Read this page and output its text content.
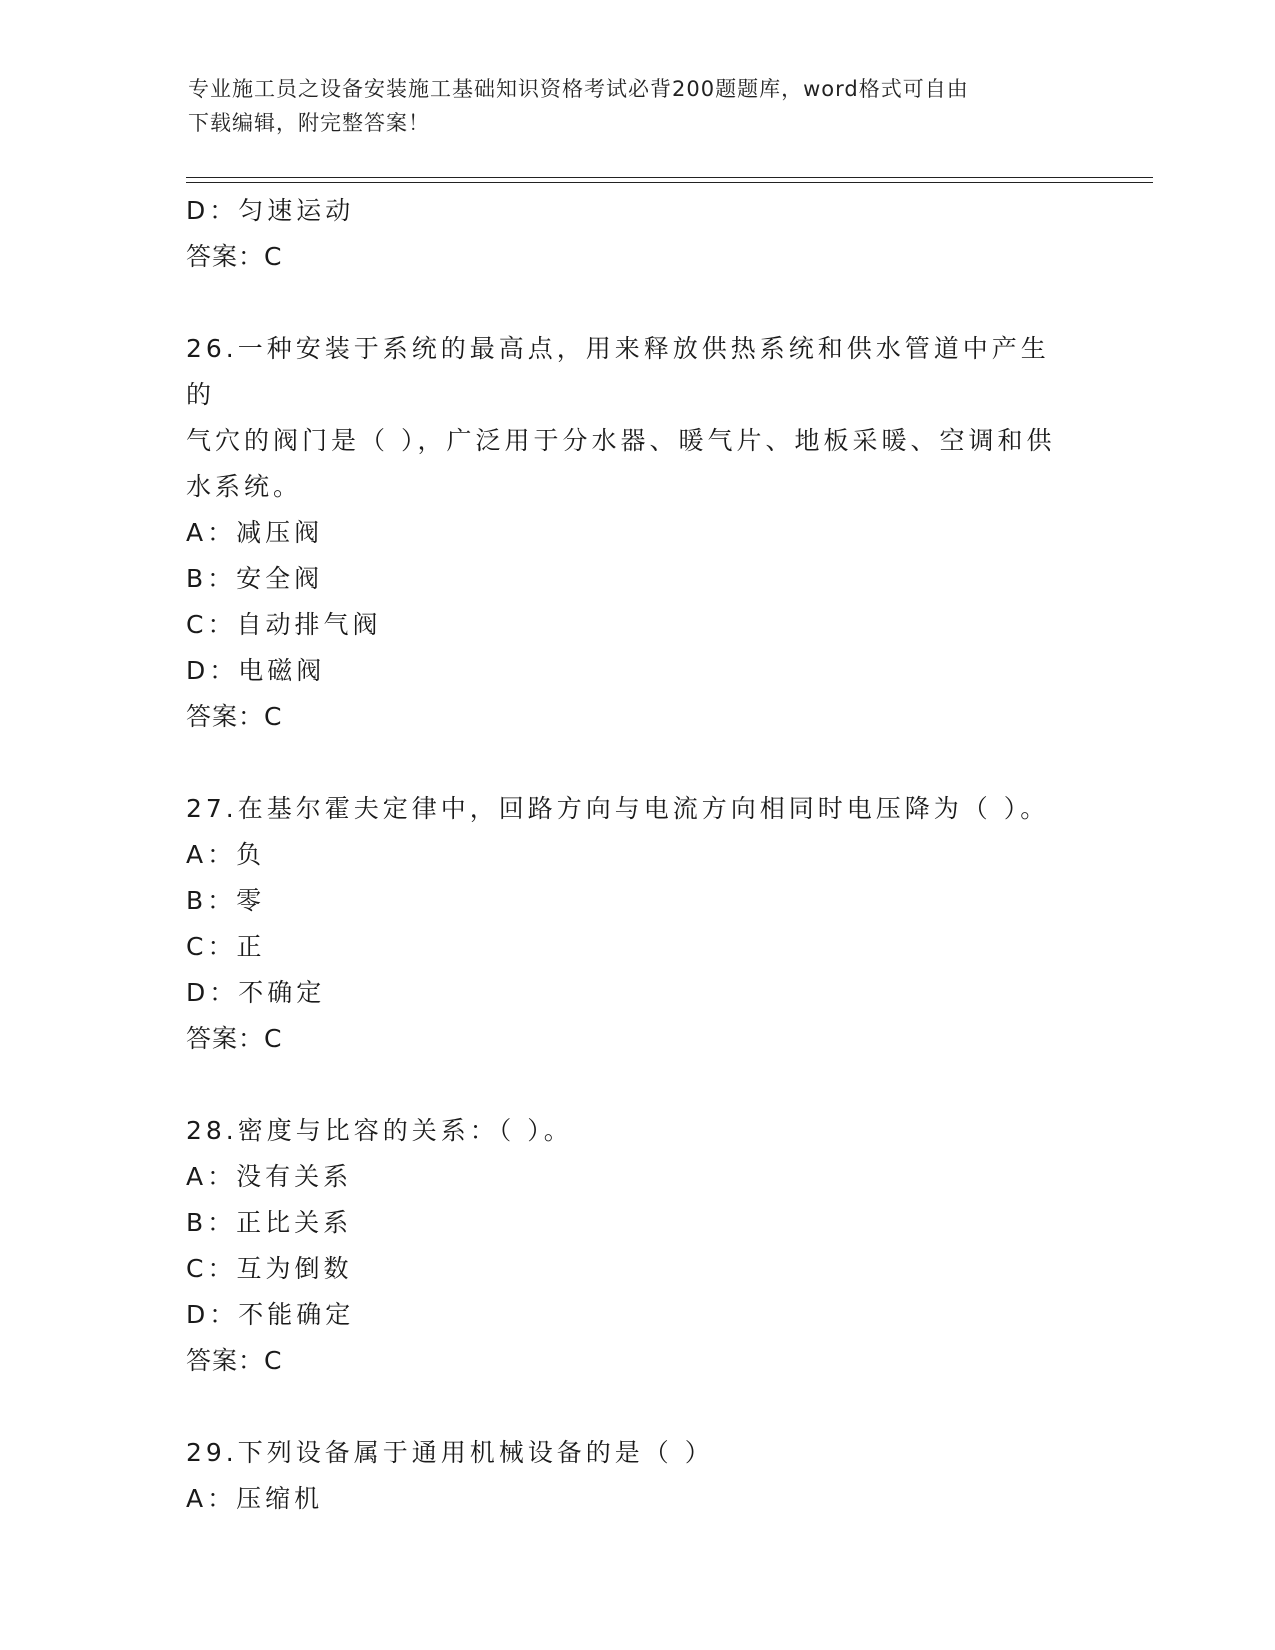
专业施工员之设备安装施工基础知识资格考试必背200题题库，word格式可自由
下载编辑，附完整答案！
D：匀速运动
答案：C
26.一种安装于系统的最高点，用来释放供热系统和供水管道中产生的
气穴的阀门是（ ），广泛用于分水器、暖气片、地板采暖、空调和供
水系统。
A：减压阀
B：安全阀
C：自动排气阀
D：电磁阀
答案：C
27.在基尔霍夫定律中，回路方向与电流方向相同时电压降为（ ）。
A：负
B：零
C：正
D：不确定
答案：C
28.密度与比容的关系：（ ）。
A：没有关系
B：正比关系
C：互为倒数
D：不能确定
答案：C
29.下列设备属于通用机械设备的是（ ）
A：压缩机
